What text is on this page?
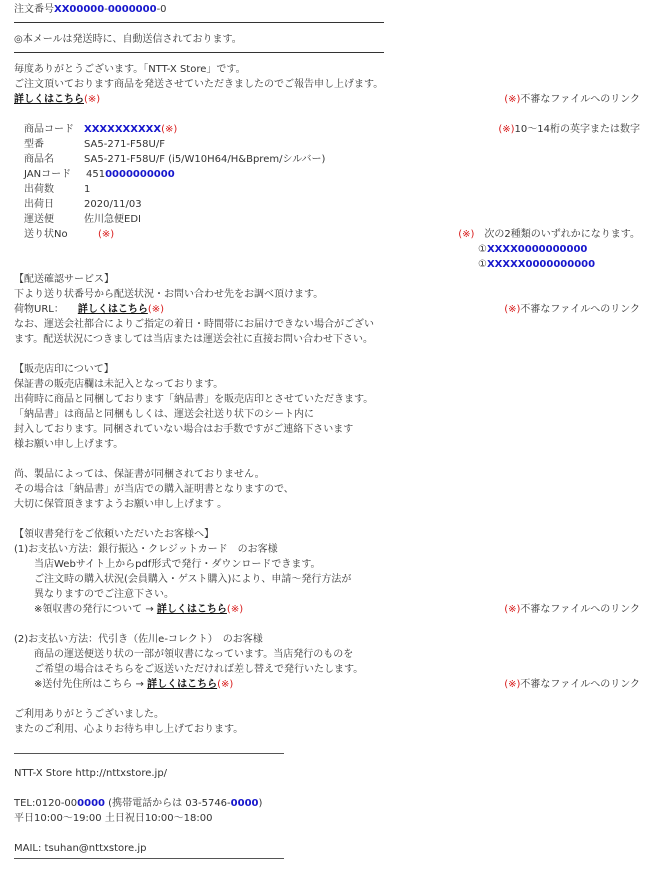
注文番号XX00000-0000000-0
◎本メールは発送時に、自動送信されております。
毎度ありがとうございます。「NTT-X Store」です。
ご注文頂いております商品を発送させていただきましたのでご報告申し上げます。
詳しくはこちら(※)	(※)不審なファイルへのリンク
商品コード XXXXXXXXXX(※)	(※)10～14桁の英字または数字
型番	SA5-271-F58U/F
商品名	SA5-271-F58U/F (i5/W10H64/H&Bprem/シルバー)
JANコード 4510000000000
出荷数	1
出荷日	2020/11/03
運送便	佐川急便EDI
送り状No	(※)	(※)　次の2種類のいずれかになります。
①XXXX0000000000
①XXXXX0000000000
【配送確認サービス】
下より送り状番号から配送状況・お問い合わせ先をお調べ頂けます。
荷物URL： 詳しくはこちら(※)	(※)不審なファイルへのリンク
なお、運送会社都合によりご指定の着日・時間帯にお届けできない場合がござい
ます。配送状況につきましては当店または運送会社に直接お問い合わせ下さい。
【販売店印について】
保証書の販売店欄は未記入となっております。
出荷時に商品と同梱しております「納品書」を販売店印とさせていただきます。
「納品書」は商品と同梱もしくは、運送会社送り状下のシート内に
封入しております。同梱されていない場合はお手数ですがご連絡下さいます
様お願い申し上げます。
尚、製品によっては、保証書が同梱されておりません。
その場合は「納品書」が当店での購入証明書となりますので、
大切に保管頂きますようお願い申し上げます 。
【領収書発行をご依頼いただいたお客様へ】
(1)お支払い方法：銀行振込・クレジットカード　のお客様
当店Webサイト上からpdf形式で発行・ダウンロードできます。
ご注文時の購入状況(会員購入・ゲスト購入)により、申請～発行方法が
異なりますのでご注意下さい。
※領収書の発行について → 詳しくはこちら(※)	(※)不審なファイルへのリンク
(2)お支払い方法：代引き（佐川e-コレクト）　のお客様
商品の運送便送り状の一部が領収書になっています。当店発行のものを
ご希望の場合はそちらをご返送いただければ差し替えで発行いたします。
※送付先住所はこちら → 詳しくはこちら(※)	(※)不審なファイルへのリンク
ご利用ありがとうございました。
またのご利用、心よりお待ち申し上げております。
NTT-X Store http://nttxstore.jp/
TEL:0120-000000 (携帯電話からは 03-5746-0000)
平日10:00～19:00 土日祝日10:00～18:00
MAIL: tsuhan@nttxstore.jp
